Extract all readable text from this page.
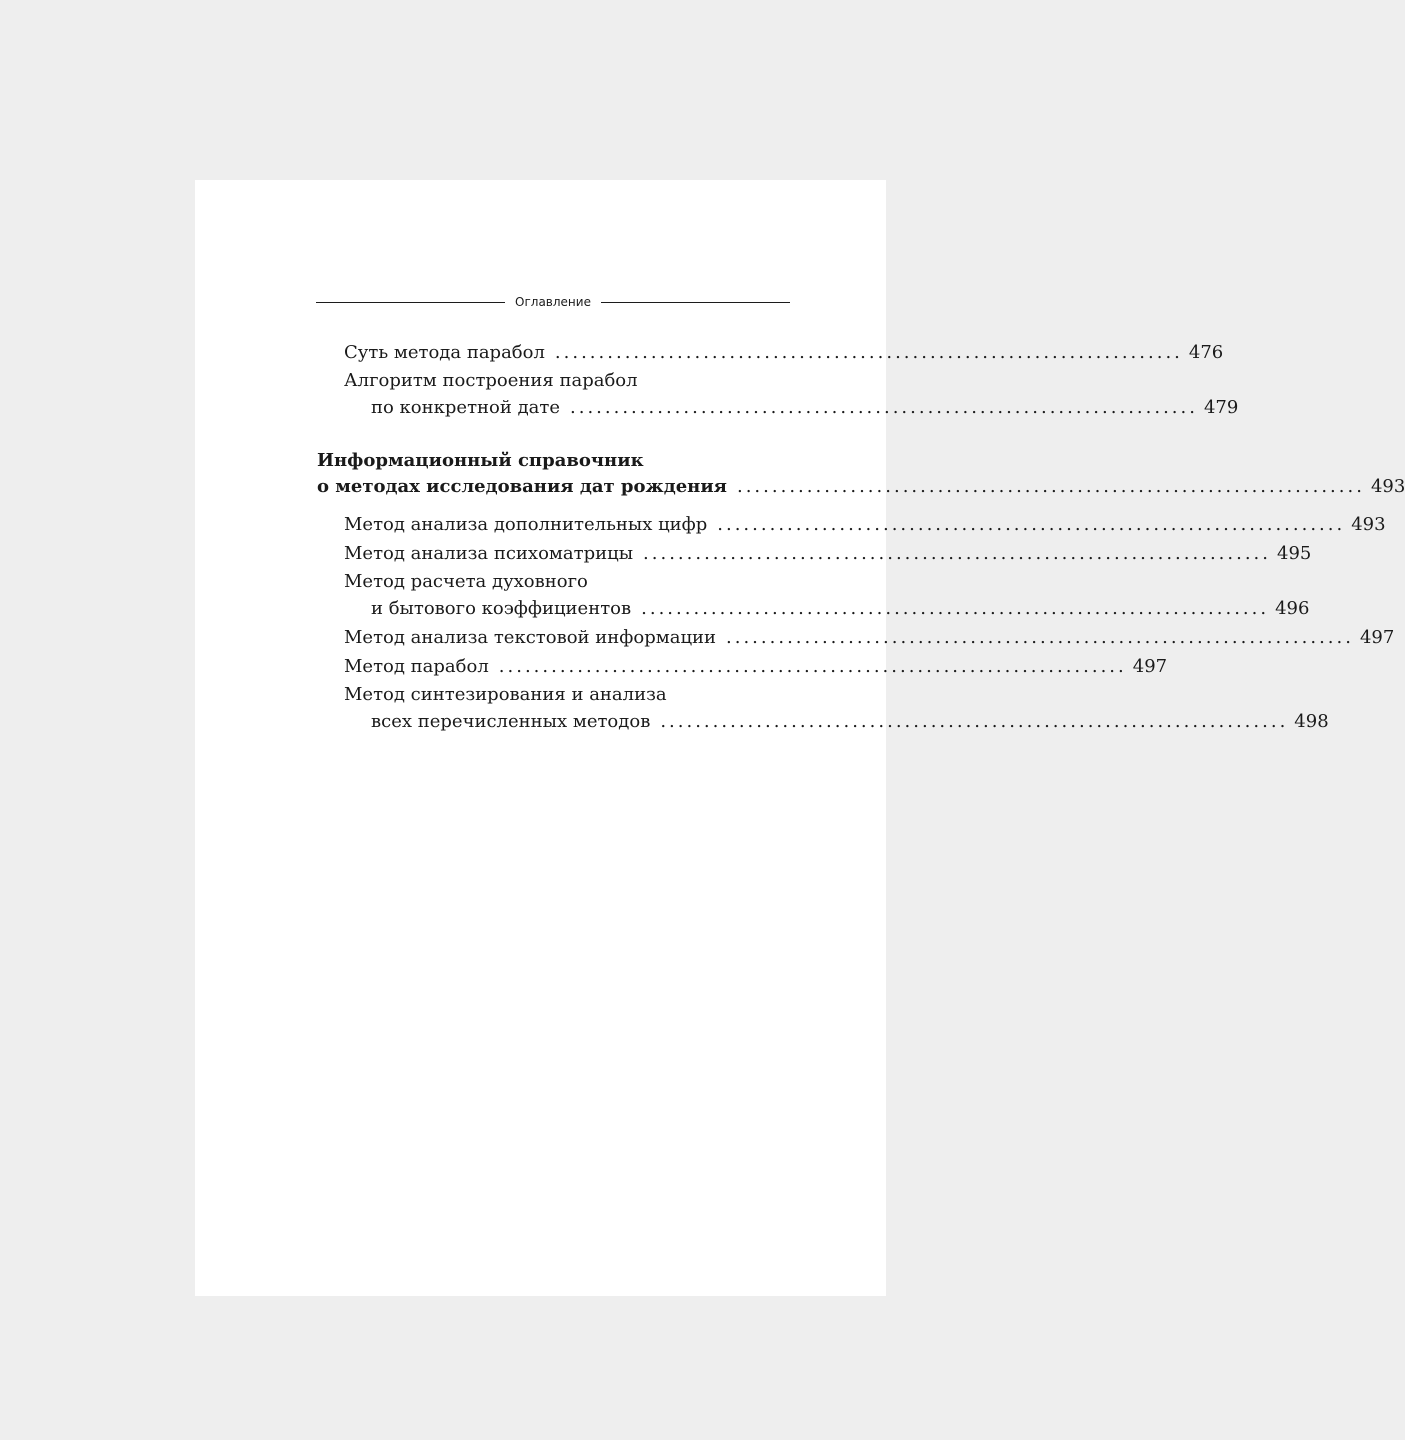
Оглавление
Суть метода парабол ........................................................................ 476
Алгоритм построения парабол
по конкретной дате ........................................................................ 479
Информационный справочник
о методах исследования дат рождения ........................................................................ 493
Метод анализа дополнительных цифр ........................................................................ 493
Метод анализа психоматрицы ........................................................................ 495
Метод расчета духовного
и бытового коэффициентов ........................................................................ 496
Метод анализа текстовой информации ........................................................................ 497
Метод парабол ........................................................................ 497
Метод синтезирования и анализа
всех перечисленных методов ........................................................................ 498
